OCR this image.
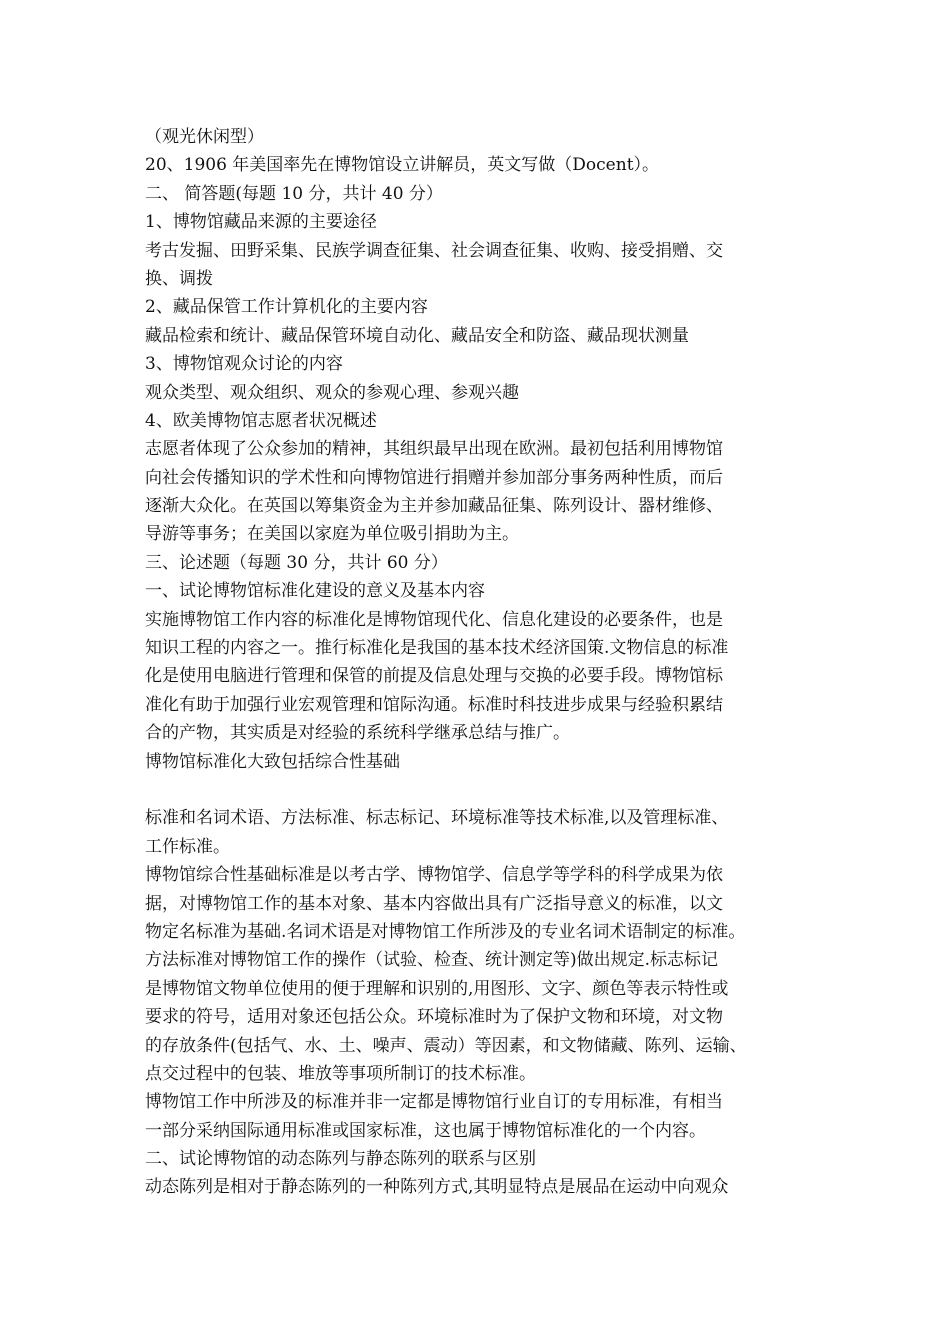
（观光休闲型）
20、1906 年美国率先在博物馆设立讲解员，英文写做（Docent）。
二、 简答题(每题 10 分，共计 40 分）
1、博物馆藏品来源的主要途径
考古发掘、田野采集、民族学调查征集、社会调查征集、收购、接受捐赠、交
换、调拨
2、藏品保管工作计算机化的主要内容
藏品检索和统计、藏品保管环境自动化、藏品安全和防盗、藏品现状测量
3、博物馆观众讨论的内容
观众类型、观众组织、观众的参观心理、参观兴趣
4、欧美博物馆志愿者状况概述
志愿者体现了公众参加的精神，其组织最早出现在欧洲。最初包括利用博物馆
向社会传播知识的学术性和向博物馆进行捐赠并参加部分事务两种性质，而后
逐渐大众化。在英国以筹集资金为主并参加藏品征集、陈列设计、器材维修、
导游等事务；在美国以家庭为单位吸引捐助为主。
三、论述题（每题 30 分，共计 60 分）
一、试论博物馆标准化建设的意义及基本内容
实施博物馆工作内容的标准化是博物馆现代化、信息化建设的必要条件，也是
知识工程的内容之一。推行标准化是我国的基本技术经济国策.文物信息的标准
化是使用电脑进行管理和保管的前提及信息处理与交换的必要手段。博物馆标
准化有助于加强行业宏观管理和馆际沟通。标准时科技进步成果与经验积累结
合的产物，其实质是对经验的系统科学继承总结与推广。
博物馆标准化大致包括综合性基础
标准和名词术语、方法标准、标志标记、环境标准等技术标准,以及管理标准、
工作标准。
博物馆综合性基础标准是以考古学、博物馆学、信息学等学科的科学成果为依
据，对博物馆工作的基本对象、基本内容做出具有广泛指导意义的标准，以文
物定名标准为基础.名词术语是对博物馆工作所涉及的专业名词术语制定的标准。
方法标准对博物馆工作的操作（试验、检查、统计测定等)做出规定.标志标记
是博物馆文物单位使用的便于理解和识别的,用图形、文字、颜色等表示特性或
要求的符号，适用对象还包括公众。环境标准时为了保护文物和环境，对文物
的存放条件(包括气、水、土、噪声、震动）等因素，和文物储藏、陈列、运输、
点交过程中的包装、堆放等事项所制订的技术标准。
博物馆工作中所涉及的标准并非一定都是博物馆行业自订的专用标准，有相当
一部分采纳国际通用标准或国家标准，这也属于博物馆标准化的一个内容。
二、试论博物馆的动态陈列与静态陈列的联系与区别
动态陈列是相对于静态陈列的一种陈列方式,其明显特点是展品在运动中向观众
